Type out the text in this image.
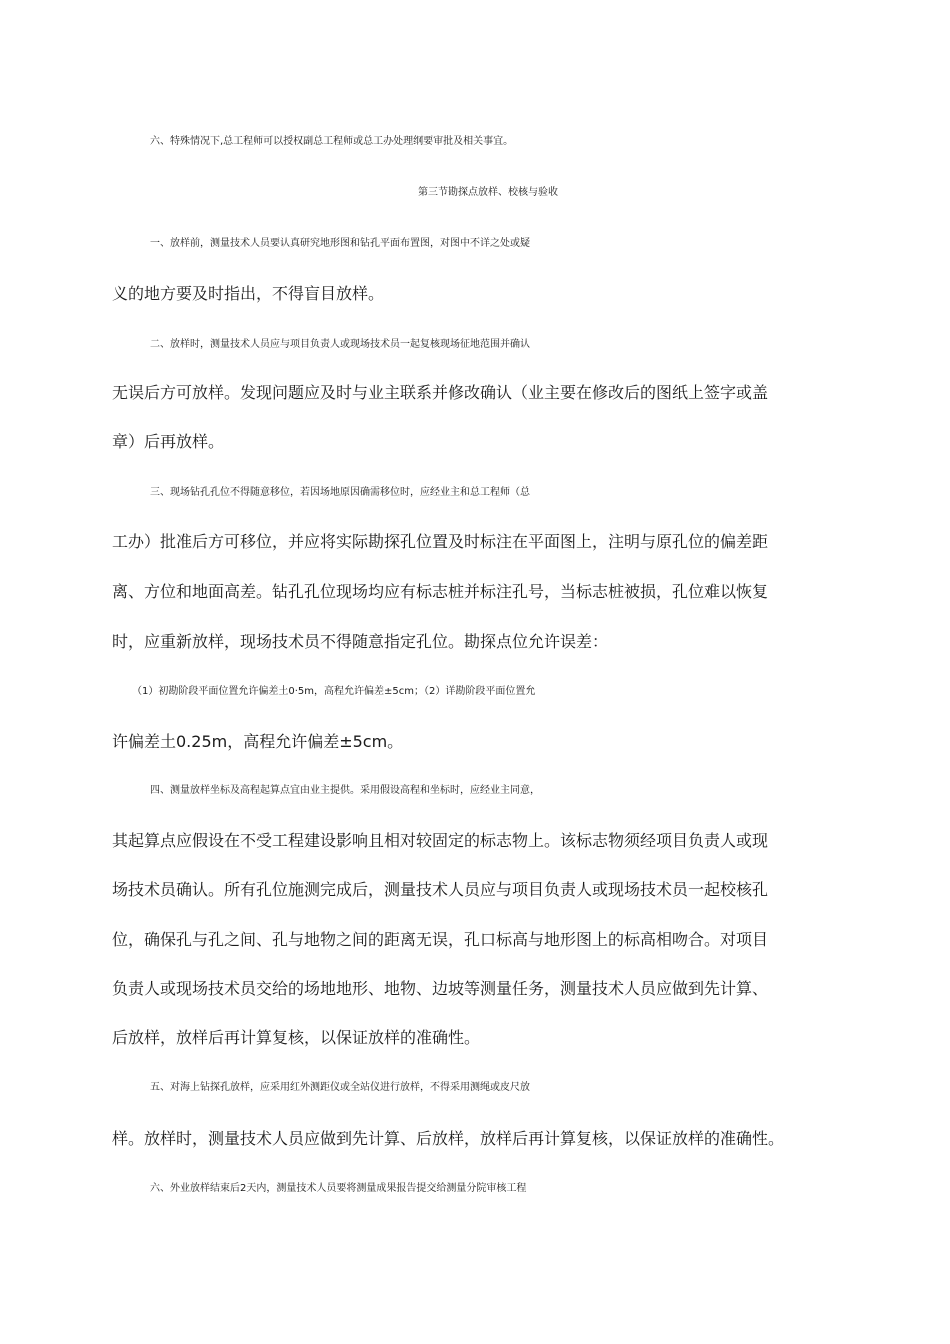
六、特殊情况下,总工程师可以授权副总工程师或总工办处理纲要审批及相关事宜。
第三节勘探点放样、校核与验收
一、放样前，测量技术人员要认真研究地形图和钻孔平面布置图，对图中不详之处或疑
义的地方要及时指出，不得盲目放样。
二、放样时，测量技术人员应与项目负责人或现场技术员一起复核现场征地范围并确认
无误后方可放样。发现问题应及时与业主联系并修改确认（业主要在修改后的图纸上签字或盖
章）后再放样。
三、现场钻孔孔位不得随意移位，若因场地原因确需移位时，应经业主和总工程师（总
工办）批准后方可移位，并应将实际勘探孔位置及时标注在平面图上，注明与原孔位的偏差距
离、方位和地面高差。钻孔孔位现场均应有标志桩并标注孔号，当标志桩被损，孔位难以恢复
时，应重新放样，现场技术员不得随意指定孔位。勘探点位允许误差：
（1）初勘阶段平面位置允许偏差土0·5m，高程允许偏差±5cm；（2）详勘阶段平面位置允
许偏差土0.25m，高程允许偏差±5cm。
四、测量放样坐标及高程起算点宜由业主提供。采用假设高程和坐标时，应经业主同意，
其起算点应假设在不受工程建设影响且相对较固定的标志物上。该标志物须经项目负责人或现
场技术员确认。所有孔位施测完成后，测量技术人员应与项目负责人或现场技术员一起校核孔
位，确保孔与孔之间、孔与地物之间的距离无误，孔口标高与地形图上的标高相吻合。对项目
负责人或现场技术员交给的场地地形、地物、边坡等测量任务，测量技术人员应做到先计算、
后放样，放样后再计算复核，以保证放样的准确性。
五、对海上钻探孔放样，应采用红外测距仪或全站仪进行放样，不得采用测绳或皮尺放
样。放样时，测量技术人员应做到先计算、后放样，放样后再计算复核，以保证放样的准确性。
六、外业放样结束后2天内，测量技术人员要将测量成果报告提交给测量分院审核工程
